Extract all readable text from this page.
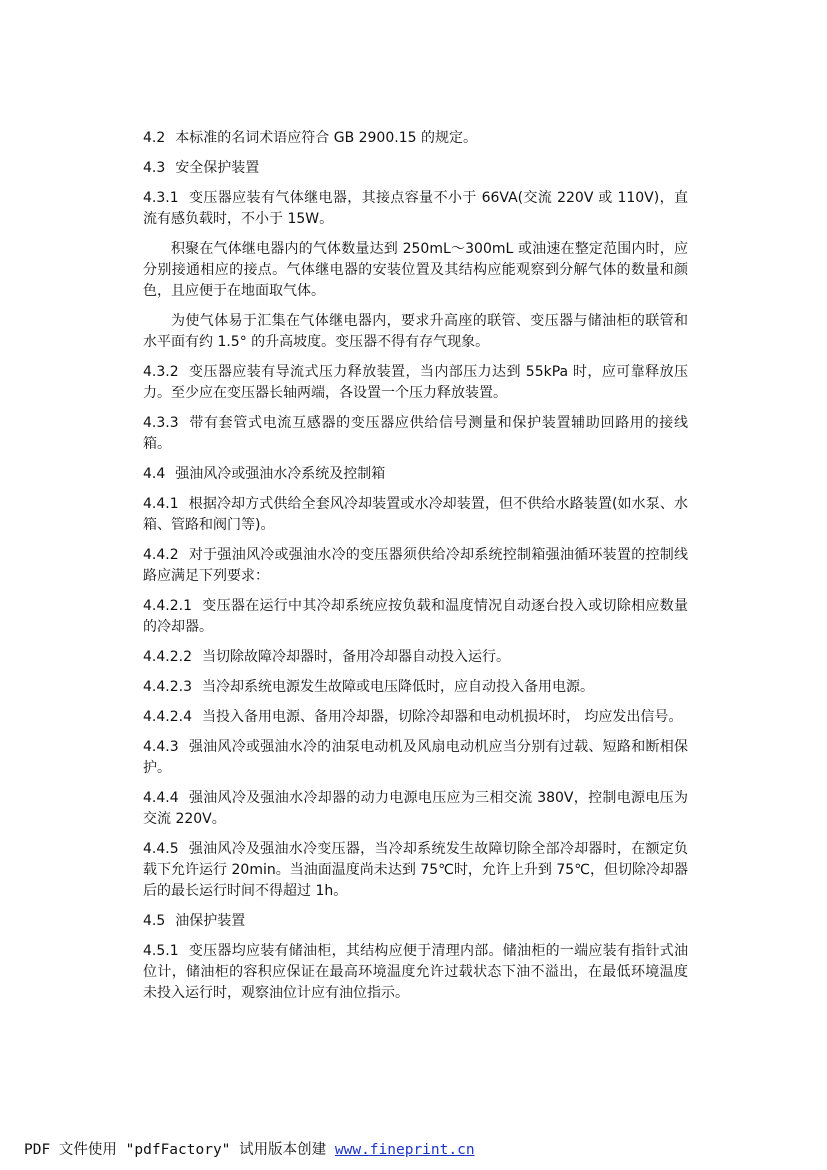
4.2 本标准的名词术语应符合 GB 2900.15 的规定。

4.3 安全保护装置

4.3.1 变压器应装有气体继电器，其接点容量不小于 66VA(交流 220V 或 110V)，直流有感负载时，不小于 15W。

积聚在气体继电器内的气体数量达到 250mL～300mL 或油速在整定范围内时，应分别接通相应的接点。气体继电器的安装位置及其结构应能观察到分解气体的数量和颜色，且应便于在地面取气体。

为使气体易于汇集在气体继电器内，要求升高座的联管、变压器与储油柜的联管和水平面有约 1.5° 的升高坡度。变压器不得有存气现象。

4.3.2 变压器应装有导流式压力释放装置，当内部压力达到 55kPa 时，应可靠释放压力。至少应在变压器长轴两端，各设置一个压力释放装置。

4.3.3 带有套管式电流互感器的变压器应供给信号测量和保护装置辅助回路用的接线箱。

4.4 强油风冷或强油水冷系统及控制箱

4.4.1 根据冷却方式供给全套风冷却装置或水冷却装置，但不供给水路装置(如水泵、水箱、管路和阀门等)。

4.4.2 对于强油风冷或强油水冷的变压器须供给冷却系统控制箱强油循环装置的控制线路应满足下列要求：

4.4.2.1 变压器在运行中其冷却系统应按负载和温度情况自动逐台投入或切除相应数量的冷却器。

4.4.2.2 当切除故障冷却器时，备用冷却器自动投入运行。

4.4.2.3 当冷却系统电源发生故障或电压降低时，应自动投入备用电源。

4.4.2.4 当投入备用电源、备用冷却器，切除冷却器和电动机损坏时， 均应发出信号。

4.4.3 强油风冷或强油水冷的油泵电动机及风扇电动机应当分别有过载、短路和断相保护。

4.4.4 强油风冷及强油水冷却器的动力电源电压应为三相交流 380V，控制电源电压为交流 220V。

4.4.5 强油风冷及强油水冷变压器，当冷却系统发生故障切除全部冷却器时，在额定负载下允许运行 20min。当油面温度尚未达到 75℃时，允许上升到 75℃，但切除冷却器后的最长运行时间不得超过 1h。

4.5 油保护装置

4.5.1 变压器均应装有储油柜，其结构应便于清理内部。储油柜的一端应装有指针式油位计，储油柜的容积应保证在最高环境温度允许过载状态下油不溢出，在最低环境温度未投入运行时，观察油位计应有油位指示。

PDF 文件使用 "pdfFactory" 试用版本创建 www.fineprint.cn
